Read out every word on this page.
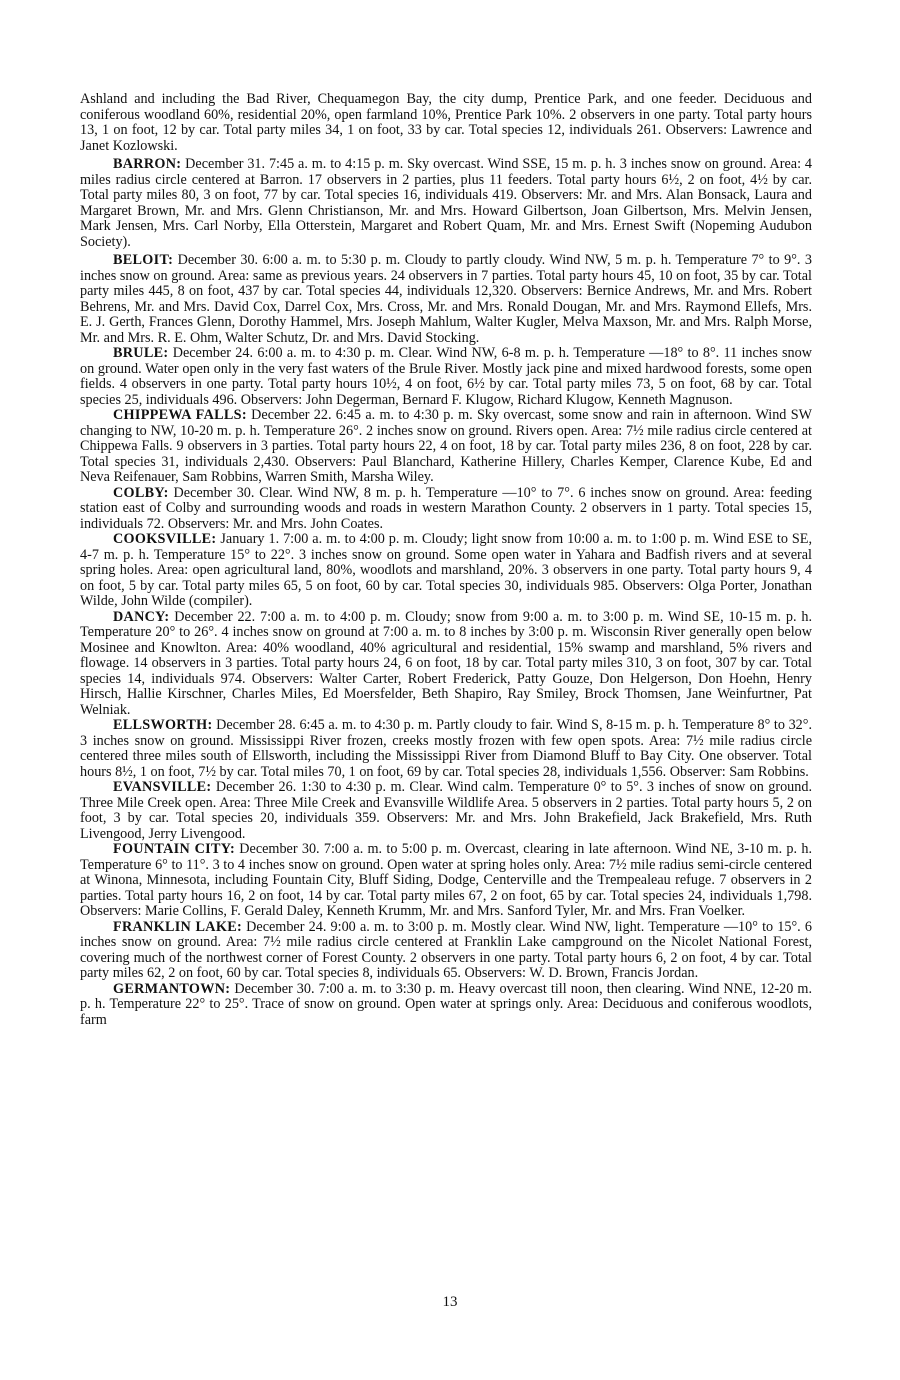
Ashland and including the Bad River, Chequamegon Bay, the city dump, Prentice Park, and one feeder. Deciduous and coniferous woodland 60%, residential 20%, open farmland 10%, Prentice Park 10%. 2 observers in one party. Total party hours 13, 1 on foot, 12 by car. Total party miles 34, 1 on foot, 33 by car. Total species 12, individuals 261. Observers: Lawrence and Janet Kozlowski.

BARRON: December 31. 7:45 a. m. to 4:15 p. m. Sky overcast. Wind SSE, 15 m. p. h. 3 inches snow on ground. Area: 4 miles radius circle centered at Barron. 17 observers in 2 parties, plus 11 feeders. Total party hours 6½, 2 on foot, 4½ by car. Total party miles 80, 3 on foot, 77 by car. Total species 16, individuals 419. Observers: Mr. and Mrs. Alan Bonsack, Laura and Margaret Brown, Mr. and Mrs. Glenn Christianson, Mr. and Mrs. Howard Gilbertson, Joan Gilbertson, Mrs. Melvin Jensen, Mark Jensen, Mrs. Carl Norby, Ella Otterstein, Margaret and Robert Quam, Mr. and Mrs. Ernest Swift (Nopeming Audubon Society).

BELOIT: December 30. 6:00 a. m. to 5:30 p. m. Cloudy to partly cloudy. Wind NW, 5 m. p. h. Temperature 7° to 9°. 3 inches snow on ground. Area: same as previous years. 24 observers in 7 parties. Total party hours 45, 10 on foot, 35 by car. Total party miles 445, 8 on foot, 437 by car. Total species 44, individuals 12,320. Observers: Bernice Andrews, Mr. and Mrs. Robert Behrens, Mr. and Mrs. David Cox, Darrel Cox, Mrs. Cross, Mr. and Mrs. Ronald Dougan, Mr. and Mrs. Raymond Ellefs, Mrs. E. J. Gerth, Frances Glenn, Dorothy Hammel, Mrs. Joseph Mahlum, Walter Kugler, Melva Maxson, Mr. and Mrs. Ralph Morse, Mr. and Mrs. R. E. Ohm, Walter Schutz, Dr. and Mrs. David Stocking.

BRULE: December 24. 6:00 a. m. to 4:30 p. m. Clear. Wind NW, 6-8 m. p. h. Temperature —18° to 8°. 11 inches snow on ground. Water open only in the very fast waters of the Brule River. Mostly jack pine and mixed hardwood forests, some open fields. 4 observers in one party. Total party hours 10½, 4 on foot, 6½ by car. Total party miles 73, 5 on foot, 68 by car. Total species 25, individuals 496. Observers: John Degerman, Bernard F. Klugow, Richard Klugow, Kenneth Magnuson.

CHIPPEWA FALLS: December 22. 6:45 a. m. to 4:30 p. m. Sky overcast, some snow and rain in afternoon. Wind SW changing to NW, 10-20 m. p. h. Temperature 26°. 2 inches snow on ground. Rivers open. Area: 7½ mile radius circle centered at Chippewa Falls. 9 observers in 3 parties. Total party hours 22, 4 on foot, 18 by car. Total party miles 236, 8 on foot, 228 by car. Total species 31, individuals 2,430. Observers: Paul Blanchard, Katherine Hillery, Charles Kemper, Clarence Kube, Ed and Neva Reifenauer, Sam Robbins, Warren Smith, Marsha Wiley.

COLBY: December 30. Clear. Wind NW, 8 m. p. h. Temperature —10° to 7°. 6 inches snow on ground. Area: feeding station east of Colby and surrounding woods and roads in western Marathon County. 2 observers in 1 party. Total species 15, individuals 72. Observers: Mr. and Mrs. John Coates.

COOKSVILLE: January 1. 7:00 a. m. to 4:00 p. m. Cloudy; light snow from 10:00 a. m. to 1:00 p. m. Wind ESE to SE, 4-7 m. p. h. Temperature 15° to 22°. 3 inches snow on ground. Some open water in Yahara and Badfish rivers and at several spring holes. Area: open agricultural land, 80%, woodlots and marshland, 20%. 3 observers in one party. Total party hours 9, 4 on foot, 5 by car. Total party miles 65, 5 on foot, 60 by car. Total species 30, individuals 985. Observers: Olga Porter, Jonathan Wilde, John Wilde (compiler).

DANCY: December 22. 7:00 a. m. to 4:00 p. m. Cloudy; snow from 9:00 a. m. to 3:00 p. m. Wind SE, 10-15 m. p. h. Temperature 20° to 26°. 4 inches snow on ground at 7:00 a. m. to 8 inches by 3:00 p. m. Wisconsin River generally open below Mosinee and Knowlton. Area: 40% woodland, 40% agricultural and residential, 15% swamp and marshland, 5% rivers and flowage. 14 observers in 3 parties. Total party hours 24, 6 on foot, 18 by car. Total party miles 310, 3 on foot, 307 by car. Total species 14, individuals 974. Observers: Walter Carter, Robert Frederick, Patty Gouze, Don Helgerson, Don Hoehn, Henry Hirsch, Hallie Kirschner, Charles Miles, Ed Moersfelder, Beth Shapiro, Ray Smiley, Brock Thomsen, Jane Weinfurtner, Pat Welniak.

ELLSWORTH: December 28. 6:45 a. m. to 4:30 p. m. Partly cloudy to fair. Wind S, 8-15 m. p. h. Temperature 8° to 32°. 3 inches snow on ground. Mississippi River frozen, creeks mostly frozen with few open spots. Area: 7½ mile radius circle centered three miles south of Ellsworth, including the Mississippi River from Diamond Bluff to Bay City. One observer. Total hours 8½, 1 on foot, 7½ by car. Total miles 70, 1 on foot, 69 by car. Total species 28, individuals 1,556. Observer: Sam Robbins.

EVANSVILLE: December 26. 1:30 to 4:30 p. m. Clear. Wind calm. Temperature 0° to 5°. 3 inches of snow on ground. Three Mile Creek open. Area: Three Mile Creek and Evansville Wildlife Area. 5 observers in 2 parties. Total party hours 5, 2 on foot, 3 by car. Total species 20, individuals 359. Observers: Mr. and Mrs. John Brakefield, Jack Brakefield, Mrs. Ruth Livengood, Jerry Livengood.

FOUNTAIN CITY: December 30. 7:00 a. m. to 5:00 p. m. Overcast, clearing in late afternoon. Wind NE, 3-10 m. p. h. Temperature 6° to 11°. 3 to 4 inches snow on ground. Open water at spring holes only. Area: 7½ mile radius semi-circle centered at Winona, Minnesota, including Fountain City, Bluff Siding, Dodge, Centerville and the Trempealeau refuge. 7 observers in 2 parties. Total party hours 16, 2 on foot, 14 by car. Total party miles 67, 2 on foot, 65 by car. Total species 24, individuals 1,798. Observers: Marie Collins, F. Gerald Daley, Kenneth Krumm, Mr. and Mrs. Sanford Tyler, Mr. and Mrs. Fran Voelker.

FRANKLIN LAKE: December 24. 9:00 a. m. to 3:00 p. m. Mostly clear. Wind NW, light. Temperature —10° to 15°. 6 inches snow on ground. Area: 7½ mile radius circle centered at Franklin Lake campground on the Nicolet National Forest, covering much of the northwest corner of Forest County. 2 observers in one party. Total party hours 6, 2 on foot, 4 by car. Total party miles 62, 2 on foot, 60 by car. Total species 8, individuals 65. Observers: W. D. Brown, Francis Jordan.

GERMANTOWN: December 30. 7:00 a. m. to 3:30 p. m. Heavy overcast till noon, then clearing. Wind NNE, 12-20 m. p. h. Temperature 22° to 25°. Trace of snow on ground. Open water at springs only. Area: Deciduous and coniferous woodlots, farm

13
